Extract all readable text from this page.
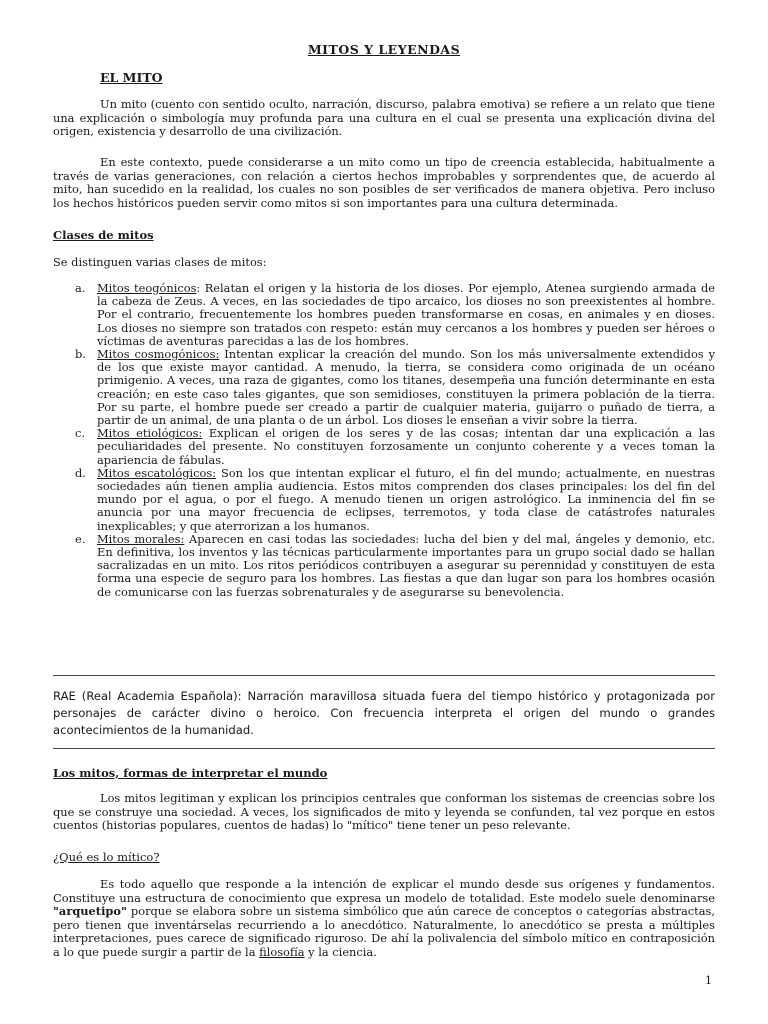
MITOS Y LEYENDAS
EL MITO

Un mito (cuento con sentido oculto, narración, discurso, palabra emotiva) se refiere a un relato que tiene una explicación o simbología muy profunda para una cultura en el cual se presenta una explicación divina del origen, existencia y desarrollo de una civilización.

En este contexto, puede considerarse a un mito como un tipo de creencia establecida, habitualmente a través de varias generaciones, con relación a ciertos hechos improbables y sorprendentes que, de acuerdo al mito, han sucedido en la realidad, los cuales no son posibles de ser verificados de manera objetiva. Pero incluso los hechos históricos pueden servir como mitos si son importantes para una cultura determinada.

Clases de mitos

Se distinguen varias clases de mitos:

a. Mitos teogónicos: Relatan el origen y la historia de los dioses. Por ejemplo, Atenea surgiendo armada de la cabeza de Zeus. A veces, en las sociedades de tipo arcaico, los dioses no son preexistentes al hombre. Por el contrario, frecuentemente los hombres pueden transformarse en cosas, en animales y en dioses. Los dioses no siempre son tratados con respeto: están muy cercanos a los hombres y pueden ser héroes o víctimas de aventuras parecidas a las de los hombres.
b. Mitos cosmogónicos: Intentan explicar la creación del mundo. Son los más universalmente extendidos y de los que existe mayor cantidad. A menudo, la tierra, se considera como originada de un océano primigenio. A veces, una raza de gigantes, como los titanes, desempeña una función determinante en esta creación; en este caso tales gigantes, que son semidioses, constituyen la primera población de la tierra. Por su parte, el hombre puede ser creado a partir de cualquier materia, guijarro o puñado de tierra, a partir de un animal, de una planta o de un árbol. Los dioses le enseñan a vivir sobre la tierra.
c. Mitos etiológicos: Explican el origen de los seres y de las cosas; intentan dar una explicación a las peculiaridades del presente. No constituyen forzosamente un conjunto coherente y a veces toman la apariencia de fábulas.
d. Mitos escatológicos: Son los que intentan explicar el futuro, el fin del mundo; actualmente, en nuestras sociedades aún tienen amplia audiencia. Estos mitos comprenden dos clases principales: los del fin del mundo por el agua, o por el fuego. A menudo tienen un origen astrológico. La inminencia del fin se anuncia por una mayor frecuencia de eclipses, terremotos, y toda clase de catástrofes naturales inexplicables; y que aterrorizan a los humanos.
e. Mitos morales: Aparecen en casi todas las sociedades: lucha del bien y del mal, ángeles y demonio, etc. En definitiva, los inventos y las técnicas particularmente importantes para un grupo social dado se hallan sacralizadas en un mito. Los ritos periódicos contribuyen a asegurar su perennidad y constituyen de esta forma una especie de seguro para los hombres. Las fiestas a que dan lugar son para los hombres ocasión de comunicarse con las fuerzas sobrenaturales y de asegurarse su benevolencia.

RAE (Real Academia Española): Narración maravillosa situada fuera del tiempo histórico y protagonizada por personajes de carácter divino o heroico. Con frecuencia interpreta el origen del mundo o grandes acontecimientos de la humanidad.

Los mitos, formas de interpretar el mundo

Los mitos legitiman y explican los principios centrales que conforman los sistemas de creencias sobre los que se construye una sociedad. A veces, los significados de mito y leyenda se confunden, tal vez porque en estos cuentos (historias populares, cuentos de hadas) lo "mítico" tiene tener un peso relevante.

¿Qué es lo mítico?

Es todo aquello que responde a la intención de explicar el mundo desde sus orígenes y fundamentos. Constituye una estructura de conocimiento que expresa un modelo de totalidad. Este modelo suele denominarse "arquetipo" porque se elabora sobre un sistema simbólico que aún carece de conceptos o categorías abstractas, pero tienen que inventárselas recurriendo a lo anecdótico. Naturalmente, lo anecdótico se presta a múltiples interpretaciones, pues carece de significado riguroso. De ahí la polivalencia del símbolo mítico en contraposición a lo que puede surgir a partir de la filosofía y la ciencia.

1
